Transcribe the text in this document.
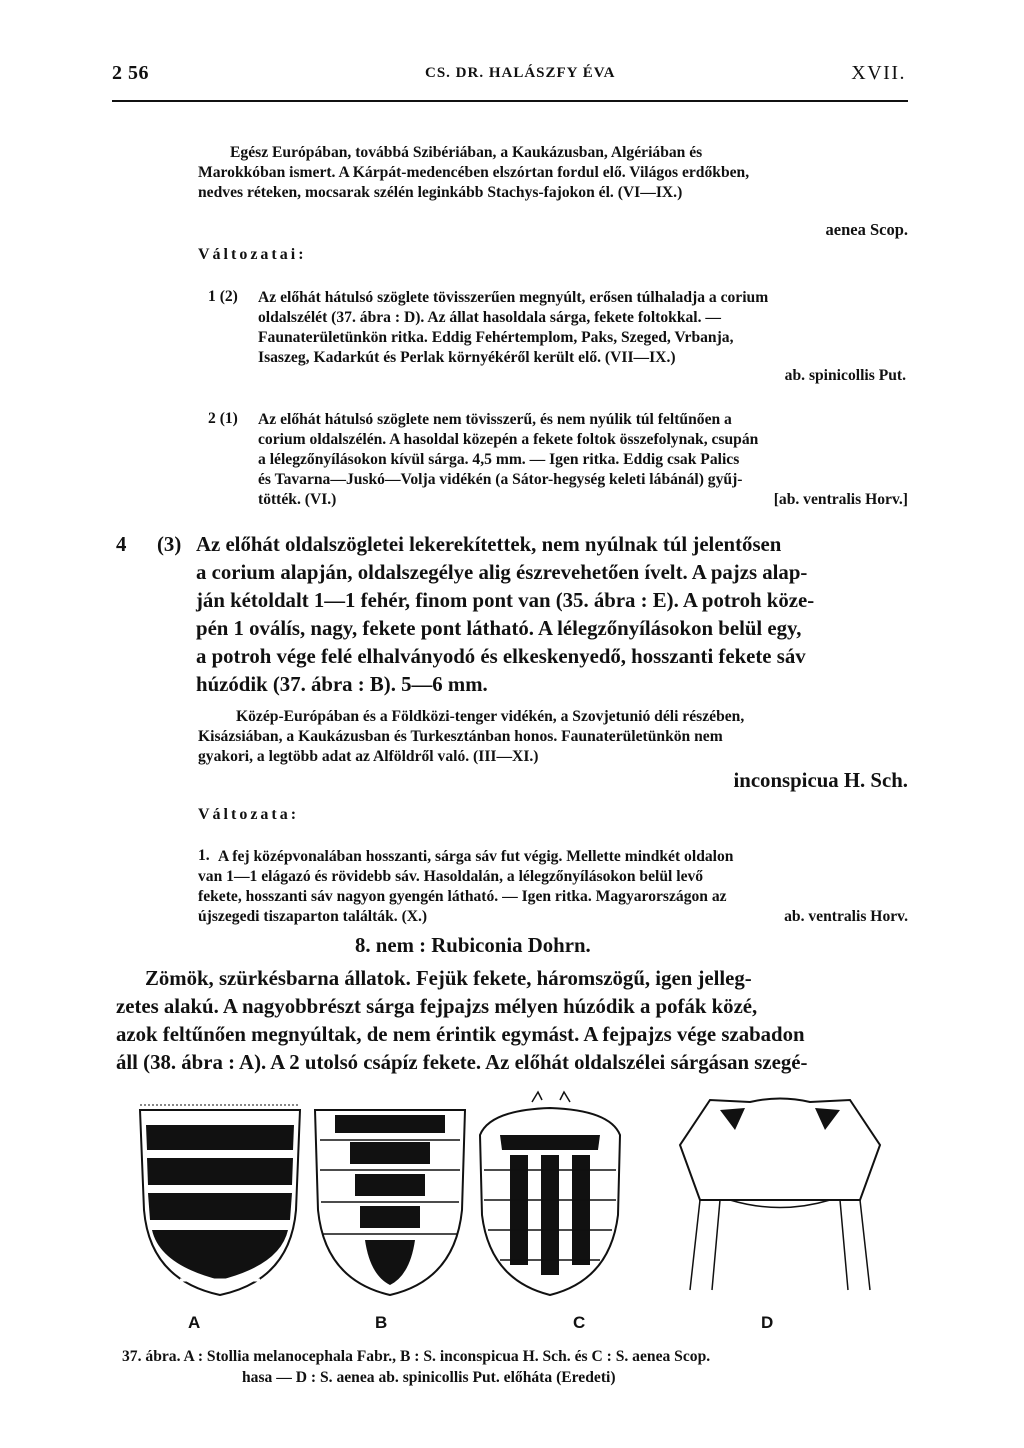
2 56	CS. DR. HALÁSZFY ÉVA	XVII.
Egész Európában, továbbá Szibériában, a Kaukázusban, Algériában és
Marokkóban ismert. A Kárpát-medencében elszórtan fordul elő. Világos erdőkben,
nedves réteken, mocsarak szélén leginkább Stachys-fajokon él. (VI—IX.)
aenea Scop.
Változatai:
1 (2) Az előhát hátulsó szöglete tövisszerűen megnyúlt, erősen túlhaladja a corium
oldalszélét (37. ábra : D). Az állat hasoldala sárga, fekete foltokkal. —
Faunaterületünkön ritka. Eddig Fehértemplom, Paks, Szeged, Vrbanja,
Isaszeg, Kadarkút és Perlak környékéről került elő. (VII—IX.)
ab. spinicollis Put.
2 (1) Az előhát hátulsó szöglete nem tövisszerű, és nem nyúlik túl feltűnően a
corium oldalszélén. A hasoldal közepén a fekete foltok összefolynak, csupán
a lélegzőnyílásokon kívül sárga. 4,5 mm. — Igen ritka. Eddig csak Palics
és Tavarna—Juskó—Volja vidékén (a Sátor-hegység keleti lábánál) gyűj-
tötték. (VI.)	[ab. ventralis Horv.]
4 (3) Az előhát oldalszögletei lekerekítettek, nem nyúlnak túl jelentősen
a corium alapján, oldalszegélye alig észrevehetően ívelt. A pajzs alap-
ján kétoldalt 1—1 fehér, finom pont van (35. ábra : E). A potroh köze-
pén 1 oválís, nagy, fekete pont látható. A lélegzőnyílásokon belül egy,
a potroh vége felé elhalványodó és elkeskenyedő, hosszanti fekete sáv
húzódik (37. ábra : B). 5—6 mm.
Közép-Európában és a Földközi-tenger vidékén, a Szovjetunió déli részében,
Kisázsiában, a Kaukázusban és Turkesztánban honos. Faunaterületünkön nem
gyakori, a legtöbb adat az Alföldről való. (III—XI.)
inconspicua H. Sch.
Változata:
1. A fej középvonalában hosszanti, sárga sáv fut végig. Mellette mindkét oldalon
van 1—1 elágazó és rövidebb sáv. Hasoldalán, a lélegzőnyílásokon belül levő
fekete, hosszanti sáv nagyon gyengén látható. — Igen ritka. Magyarországon az
újszegedi tiszaparton találták. (X.)	ab. ventralis Horv.
8. nem : Rubiconia Dohrn.
Zömök, szürkésbarna állatok. Fejük fekete, háromszögű, igen jelleg-
zetes alakú. A nagyobbrészt sárga fejpajzs mélyen húzódik a pofák közé,
azok feltűnően megnyúltak, de nem érintik egymást. A fejpajzs vége szabadon
áll (38. ábra : A). A 2 utolsó csápíz fekete. Az előhát oldalszélei sárgásan szegé-
A	B	C	D
37. ábra. A : Stollia melanocephala Fabr., B : S. inconspicua H. Sch. és C : S. aenea Scop.
hasa — D : S. aenea ab. spinicollis Put. előháta (Eredeti)
